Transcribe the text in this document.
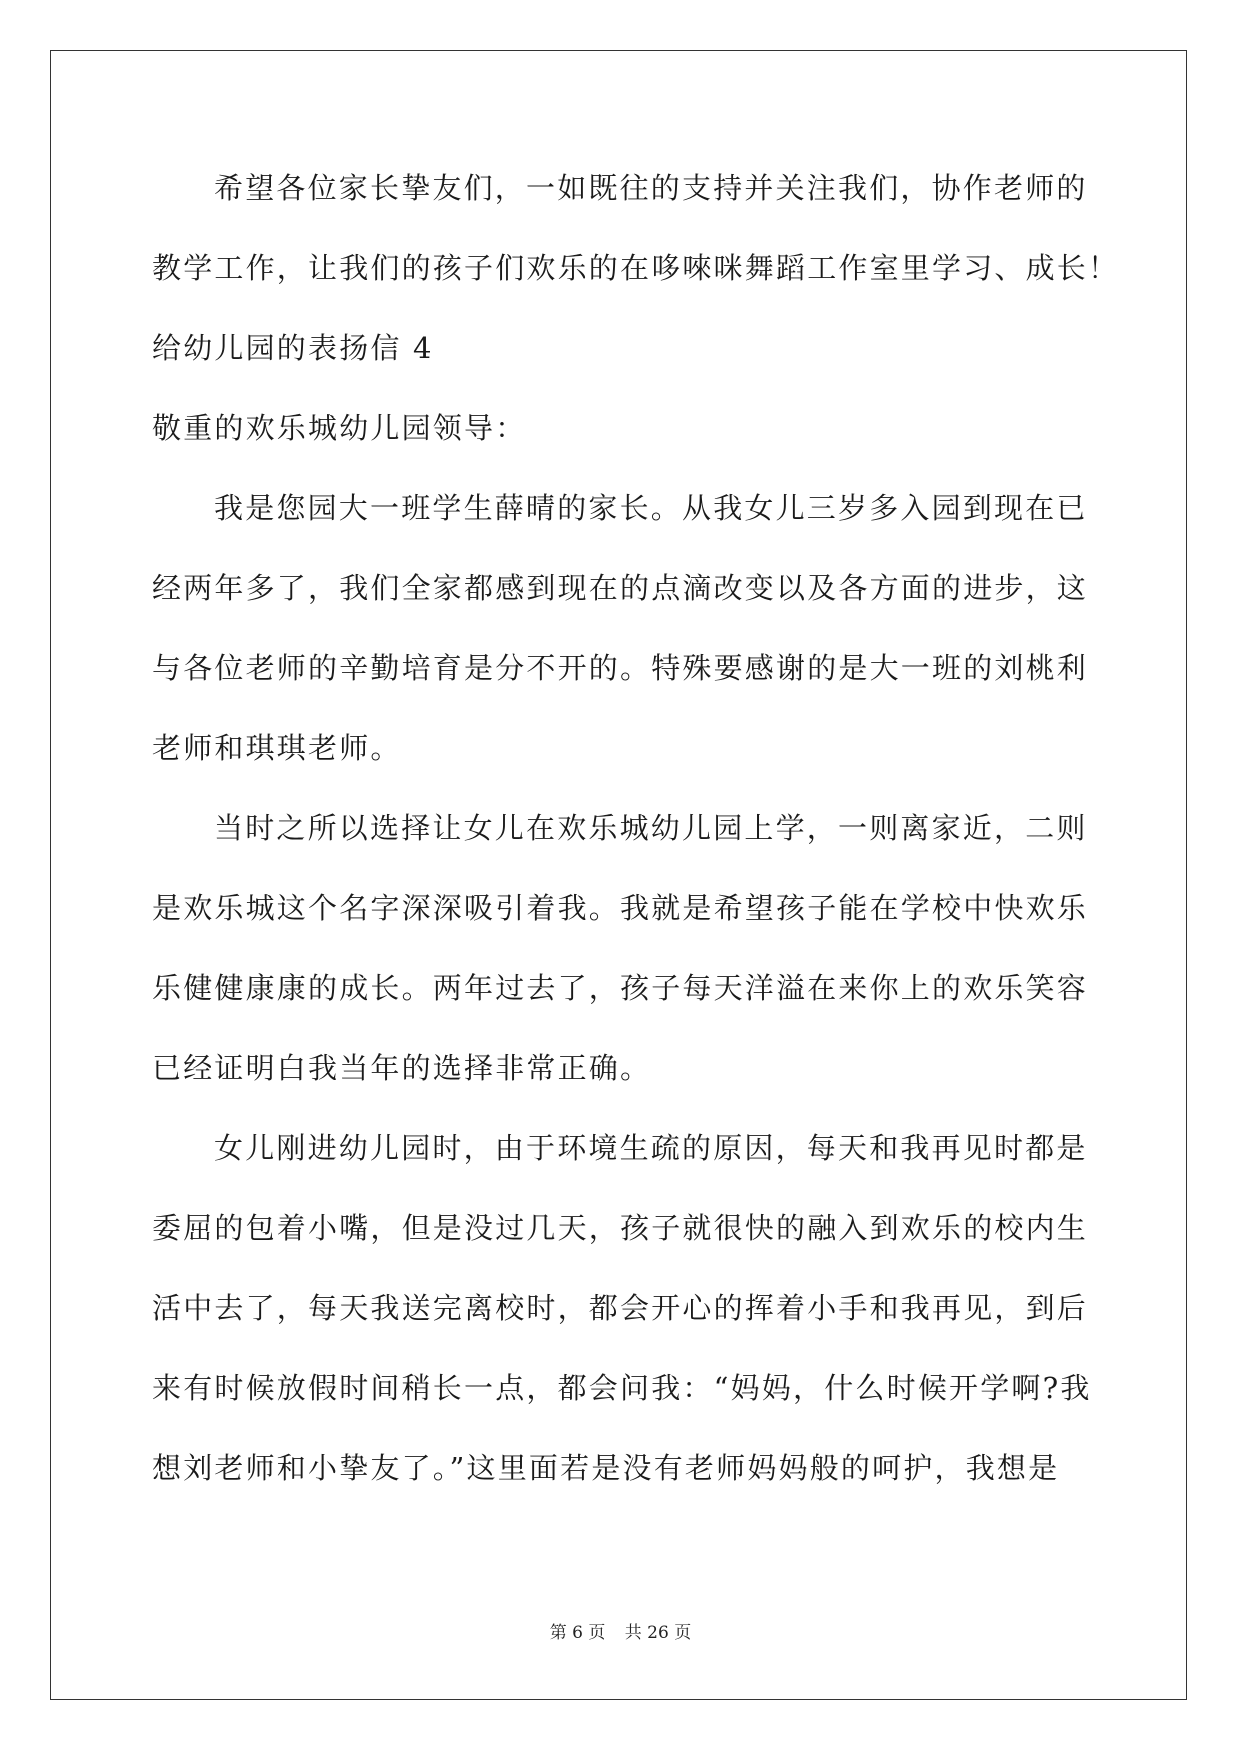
希望各位家长挚友们，一如既往的支持并关注我们，协作老师的
教学工作，让我们的孩子们欢乐的在哆唻咪舞蹈工作室里学习、成长！
给幼儿园的表扬信 4
敬重的欢乐城幼儿园领导：
我是您园大一班学生薛晴的家长。从我女儿三岁多入园到现在已
经两年多了，我们全家都感到现在的点滴改变以及各方面的进步，这
与各位老师的辛勤培育是分不开的。特殊要感谢的是大一班的刘桃利
老师和琪琪老师。
当时之所以选择让女儿在欢乐城幼儿园上学，一则离家近，二则
是欢乐城这个名字深深吸引着我。我就是希望孩子能在学校中快欢乐
乐健健康康的成长。两年过去了，孩子每天洋溢在来你上的欢乐笑容
已经证明白我当年的选择非常正确。
女儿刚进幼儿园时，由于环境生疏的原因，每天和我再见时都是
委屈的包着小嘴，但是没过几天，孩子就很快的融入到欢乐的校内生
活中去了，每天我送完离校时，都会开心的挥着小手和我再见，到后
来有时候放假时间稍长一点，都会问我：“妈妈，什么时候开学啊?我
想刘老师和小挚友了。”这里面若是没有老师妈妈般的呵护，我想是
第 6 页 共 26 页
